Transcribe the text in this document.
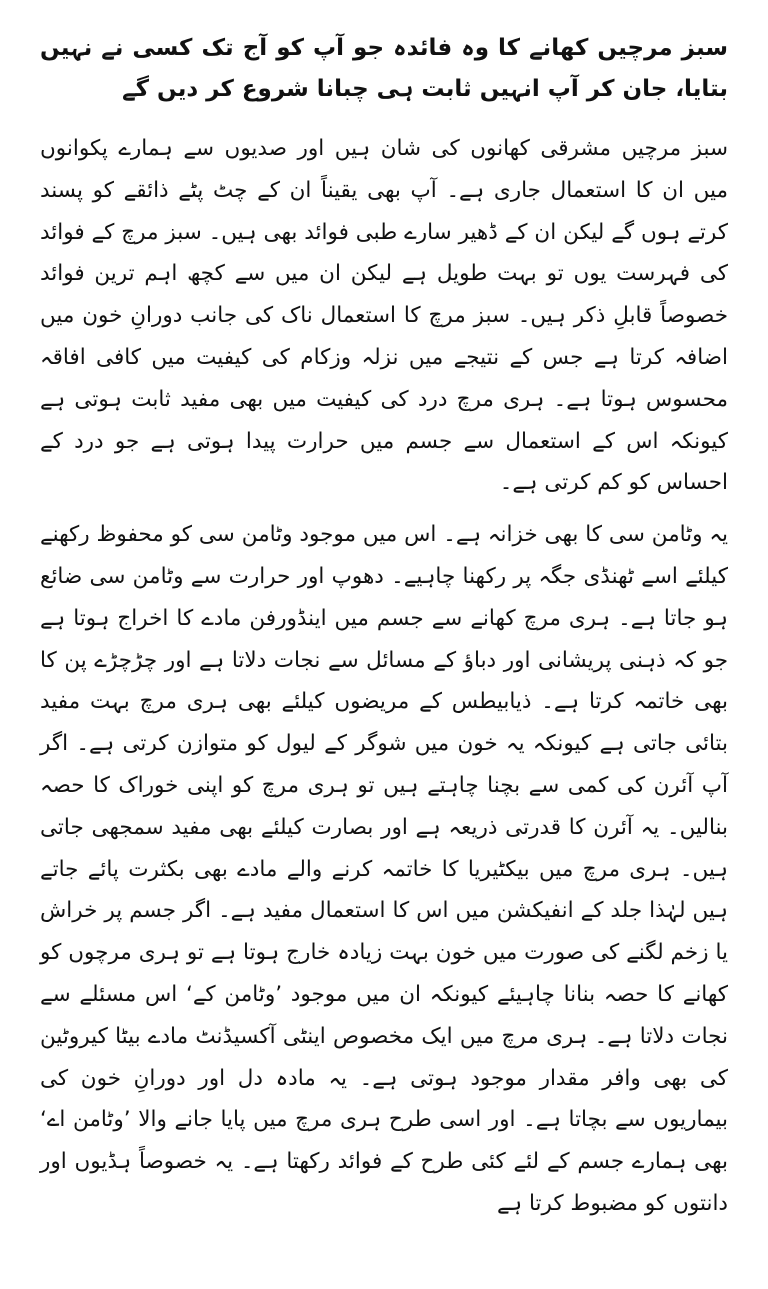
سبز مرچیں کھانے کا وہ فائدہ جو آپ کو آج تک کسی نے نہیں بتایا، جان کر آپ انہیں ثابت ہی چبانا شروع کر دیں گے

سبز مرچیں مشرقی کھانوں کی شان ہیں اور صدیوں سے ہمارے پکوانوں میں ان کا استعمال جاری ہے۔ آپ بھی یقیناً ان کے چٹ پٹے ذائقے کو پسند کرتے ہوں گے لیکن ان کے ڈھیر سارے طبی فوائد بھی ہیں۔ سبز مرچ کے فوائد کی فہرست یوں تو بہت طویل ہے لیکن ان میں سے کچھ اہم ترین فوائد خصوصاً قابلِ ذکر ہیں۔ سبز مرچ کا استعمال ناک کی جانب دورانِ خون میں اضافہ کرتا ہے جس کے نتیجے میں نزلہ وزکام کی کیفیت میں کافی افاقہ محسوس ہوتا ہے۔ ہری مرچ درد کی کیفیت میں بھی مفید ثابت ہوتی ہے کیونکہ اس کے استعمال سے جسم میں حرارت پیدا ہوتی ہے جو درد کے احساس کو کم کرتی ہے۔

یہ وٹامن سی کا بھی خزانہ ہے۔ اس میں موجود وٹامن سی کو محفوظ رکھنے کیلئے اسے ٹھنڈی جگہ پر رکھنا چاہیے۔ دھوپ اور حرارت سے وٹامن سی ضائع ہو جاتا ہے۔ ہری مرچ کھانے سے جسم میں اینڈورفن مادے کا اخراج ہوتا ہے جو کہ ذہنی پریشانی اور دباؤ کے مسائل سے نجات دلاتا ہے اور چڑچڑے پن کا بھی خاتمہ کرتا ہے۔ ذیابیطس کے مریضوں کیلئے بھی ہری مرچ بہت مفید بتائی جاتی ہے کیونکہ یہ خون میں شوگر کے لیول کو متوازن کرتی ہے۔ اگر آپ آئرن کی کمی سے بچنا چاہتے ہیں تو ہری مرچ کو اپنی خوراک کا حصہ بنالیں۔ یہ آئرن کا قدرتی ذریعہ ہے اور بصارت کیلئے بھی مفید سمجھی جاتی ہیں۔ ہری مرچ میں بیکٹیریا کا خاتمہ کرنے والے مادے بھی بکثرت پائے جاتے ہیں لہٰذا جلد کے انفیکشن میں اس کا استعمال مفید ہے۔ اگر جسم پر خراش یا زخم لگنے کی صورت میں خون بہت زیادہ خارج ہوتا ہے تو ہری مرچوں کو کھانے کا حصہ بنانا چاہیئے کیونکہ ان میں موجود ’وٹامن کے‘ اس مسئلے سے نجات دلاتا ہے۔ ہری مرچ میں ایک مخصوص اینٹی آکسیڈنٹ مادے بیٹا کیروٹین کی بھی وافر مقدار موجود ہوتی ہے۔ یہ مادہ دل اور دورانِ خون کی بیماریوں سے بچاتا ہے۔ اور اسی طرح ہری مرچ میں پایا جانے والا ’وٹامن اے‘ بھی ہمارے جسم کے لئے کئی طرح کے فوائد رکھتا ہے۔ یہ خصوصاً ہڈیوں اور دانتوں کو مضبوط کرتا ہے
